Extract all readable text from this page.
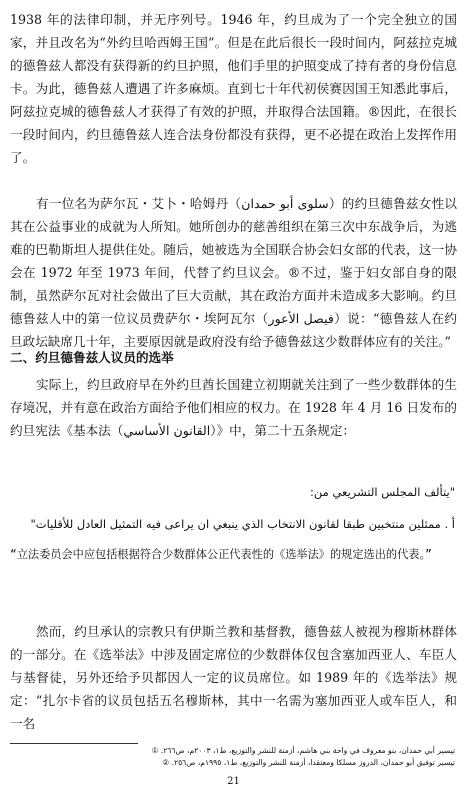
1938 年的法律印制，并无序列号。1946 年，约旦成为了一个完全独立的国家，并且改名为“外约旦哈西姆王国”。但是在此后很长一段时间内，阿兹拉克城的德鲁兹人都没有获得新的约旦护照，他们手里的护照变成了持有者的身份信息卡。为此，德鲁兹人遭遇了许多麻烦。直到七十年代初侯赛因国王知悉此事后，阿兹拉克城的德鲁兹人才获得了有效的护照，并取得合法国籍。®因此，在很长一段时间内，约旦德鲁兹人连合法身份都没有获得，更不必提在政治上发挥作用了。

有一位名为萨尔瓦・艾卜・哈姆丹（سلوى أبو حمدان）的约旦德鲁兹女性以其在公益事业的成就为人所知。她所创办的慈善组织在第三次中东战争后，为逃难的巴勒斯坦人提供住处。随后，她被选为全国联合协会妇女部的代表，这一协会在 1972 年至 1973 年间，代替了约旦议会。®不过，鉴于妇女部自身的限制，虽然萨尔瓦对社会做出了巨大贡献，其在政治方面并未造成多大影响。约旦德鲁兹人中的第一位议员费萨尔・埃阿瓦尔（فيصل الأعور）说：“德鲁兹人在约旦政坛缺席几十年，主要原因就是政府没有给予德鲁兹这少数群体应有的关注。”

二、约旦德鲁兹人议员的选举

实际上，约旦政府早在外约旦酋长国建立初期就关注到了一些少数群体的生存境况，并有意在政治方面给予他们相应的权力。在 1928 年 4 月 16 日发布的约旦宪法《基本法（القانون الأساسي）》中，第二十五条规定：

"يتألف المجلس التشريعي من:

أ . ممثلين منتخبين طبقا لقانون الانتخاب الذي ينبغي ان يراعى فيه التمثيل العادل للأقليات"

“立法委员会中应包括根据符合少数群体公正代表性的《选举法》的规定选出的代表。”

然而，约旦承认的宗教只有伊斯兰教和基督教，德鲁兹人被视为穆斯林群体的一部分。在《选举法》中涉及固定席位的少数群体仅包含塞加西亚人、车臣人与基督徒，另外还给予贝都因人一定的议员席位。如 1989 年的《选举法》规定：“扎尔卡省的议员包括五名穆斯林，其中一名需为塞加西亚人或车臣人，和一名

تيسير أبي حمدان، بنو معروف في واحة بني هاشم، أزمنة للنشر والتوزيع، ط١، ٢٠٠٣م، ص٢٦٦. ①

تيسير توفيق أبو حمدان، الدروز مسلكا ومعتقدا، أزمنة للنشر والتوزيع، ط١، ١٩٩٥م، ص٢٥٦. ②

21
